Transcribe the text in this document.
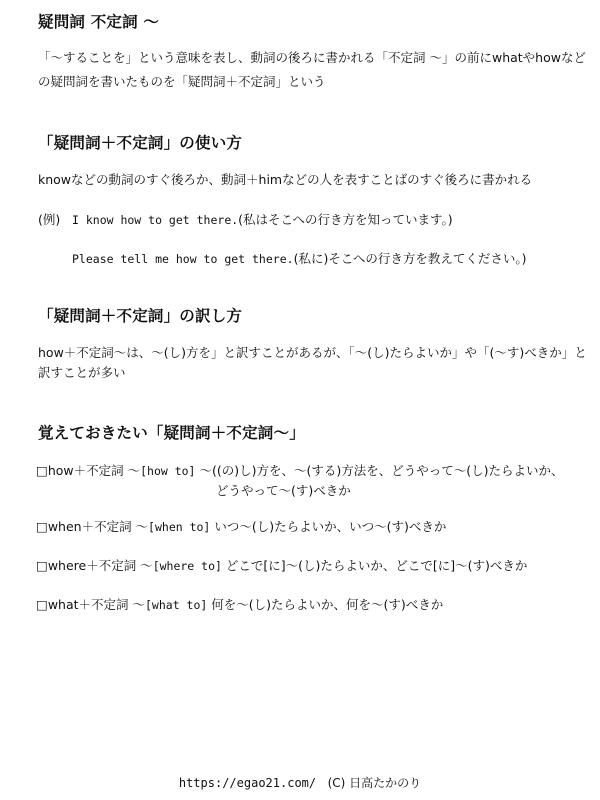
疑問詞 不定詞 ～
「～することを」という意味を表し、動詞の後ろに書かれる「不定詞 ～」の前にwhatやhowなど
の疑問詞を書いたものを「疑問詞＋不定詞」という
「疑問詞＋不定詞」の使い方
knowなどの動詞のすぐ後ろか、動詞＋himなどの人を表すことばのすぐ後ろに書かれる
(例) I know how to get there.(私はそこへの行き方を知っています。)
Please tell me how to get there.(私に)そこへの行き方を教えてください。)
「疑問詞＋不定詞」の訳し方
how＋不定詞～は、～(し)方を」と訳すことがあるが、「～(し)たらよいか」や「(～す)べきか」と
訳すことが多い
覚えておきたい「疑問詞＋不定詞～」
□how＋不定詞 ～[how to] ～((の)し)方を、～(する)方法を、どうやって～(し)たらよいか、
どうやって～(す)べきか
□when＋不定詞 ～[when to] いつ～(し)たらよいか、いつ～(す)べきか
□where＋不定詞 ～[where to] どこで[に]～(し)たらよいか、どこで[に]～(す)べきか
□what＋不定詞 ～[what to] 何を～(し)たらよいか、何を～(す)べきか
https://egao21.com/ (C) 日高たかのり
